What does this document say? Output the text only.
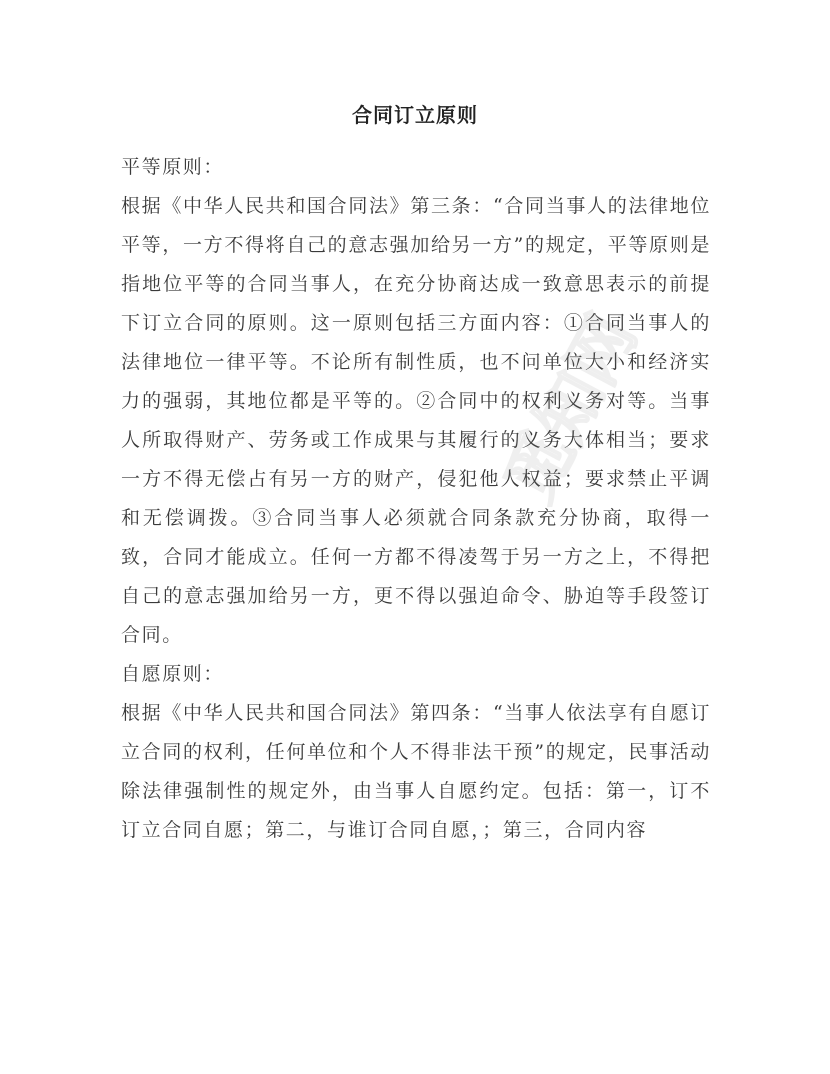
合同订立原则

平等原则：

根据《中华人民共和国合同法》第三条：“合同当事人的法律地位平等，一方不得将自己的意志强加给另一方”的规定，平等原则是指地位平等的合同当事人，在充分协商达成一致意思表示的前提下订立合同的原则。这一原则包括三方面内容：①合同当事人的法律地位一律平等。不论所有制性质，也不问单位大小和经济实力的强弱，其地位都是平等的。②合同中的权利义务对等。当事人所取得财产、劳务或工作成果与其履行的义务大体相当；要求一方不得无偿占有另一方的财产，侵犯他人权益；要求禁止平调和无偿调拨。③合同当事人必须就合同条款充分协商，取得一致，合同才能成立。任何一方都不得凌驾于另一方之上，不得把自己的意志强加给另一方，更不得以强迫命令、胁迫等手段签订合同。

自愿原则：

根据《中华人民共和国合同法》第四条：“当事人依法享有自愿订立合同的权利，任何单位和个人不得非法干预”的规定，民事活动除法律强制性的规定外，由当事人自愿约定。包括：第一，订不订立合同自愿；第二，与谁订合同自愿，；第三，合同内容

觅知网
